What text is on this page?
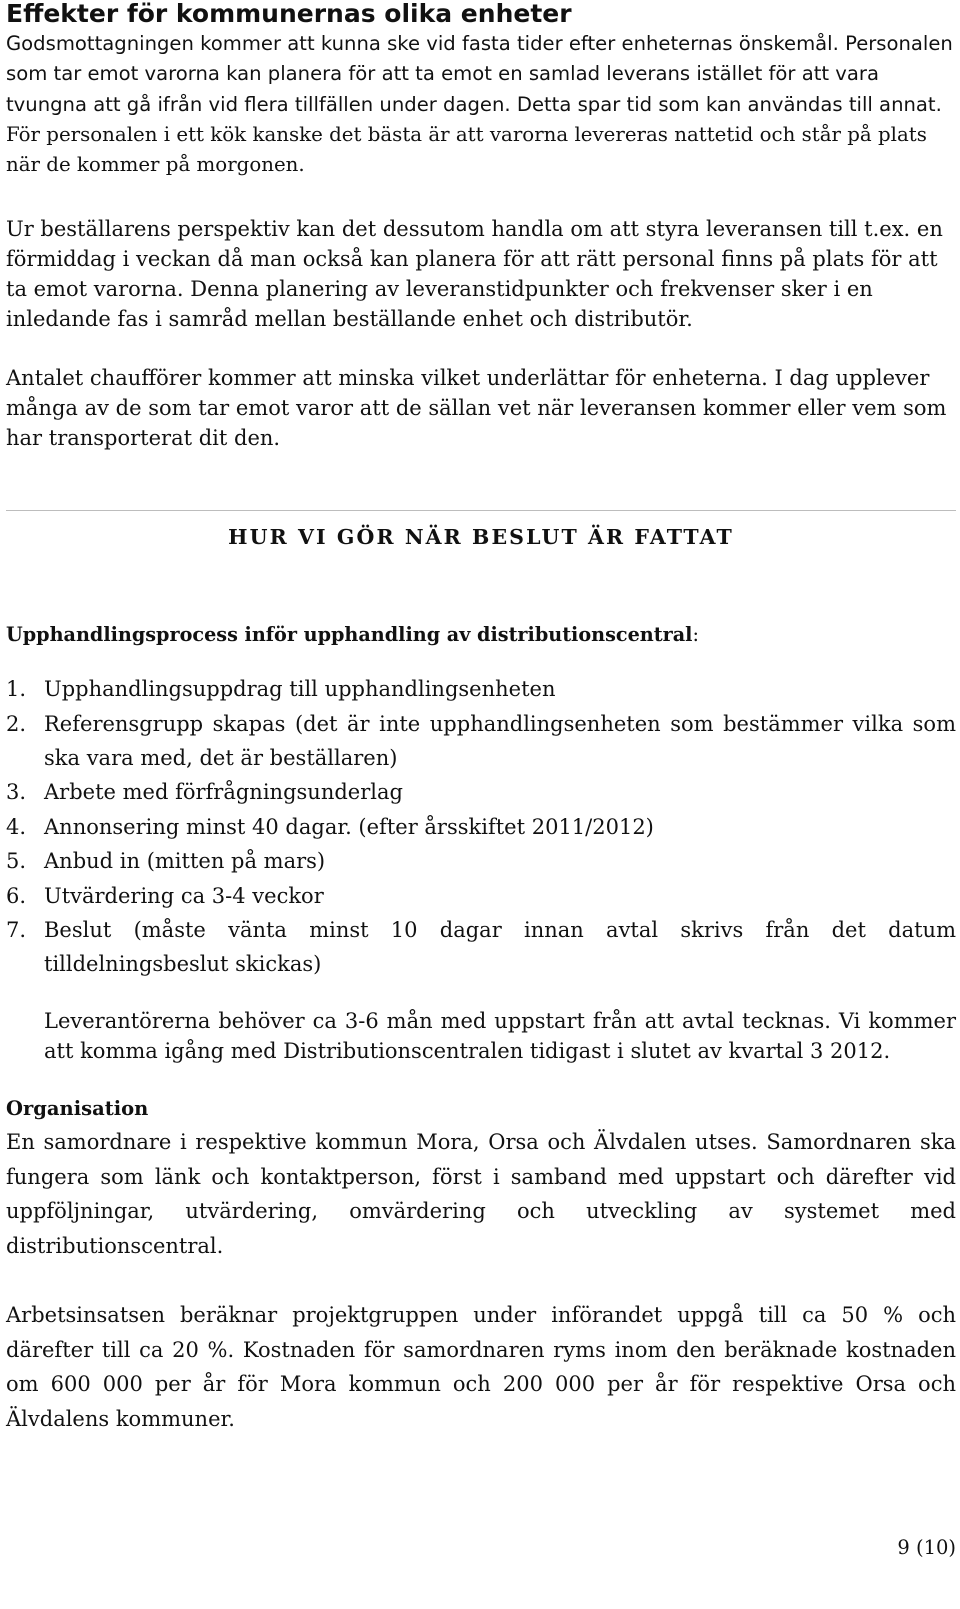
Effekter för kommunernas olika enheter

Godsmottagningen kommer att kunna ske vid fasta tider efter enheternas önskemål. Personalen som tar emot varorna kan planera för att ta emot en samlad leverans istället för att vara tvungna att gå ifrån vid flera tillfällen under dagen. Detta spar tid som kan användas till annat. För personalen i ett kök kanske det bästa är att varorna levereras nattetid och står på plats när de kommer på morgonen.

Ur beställarens perspektiv kan det dessutom handla om att styra leveransen till t.ex. en förmiddag i veckan då man också kan planera för att rätt personal finns på plats för att ta emot varorna. Denna planering av leveranstidpunkter och frekvenser sker i en inledande fas i samråd mellan beställande enhet och distributör.

Antalet chaufförer kommer att minska vilket underlättar för enheterna. I dag upplever många av de som tar emot varor att de sällan vet när leveransen kommer eller vem som har transporterat dit den.

HUR VI GÖR NÄR BESLUT ÄR FATTAT

Upphandlingsprocess inför upphandling av distributionscentral:

1. Upphandlingsuppdrag till upphandlingsenheten
2. Referensgrupp skapas (det är inte upphandlingsenheten som bestämmer vilka som ska vara med, det är beställaren)
3. Arbete med förfrågningsunderlag
4. Annonsering minst 40 dagar. (efter årsskiftet 2011/2012)
5. Anbud in (mitten på mars)
6. Utvärdering ca 3-4 veckor
7. Beslut (måste vänta minst 10 dagar innan avtal skrivs från det datum tilldelningsbeslut skickas)

Leverantörerna behöver ca 3-6 mån med uppstart från att avtal tecknas. Vi kommer att komma igång med Distributionscentralen tidigast i slutet av kvartal 3 2012.

Organisation

En samordnare i respektive kommun Mora, Orsa och Älvdalen utses. Samordnaren ska fungera som länk och kontaktperson, först i samband med uppstart och därefter vid uppföljningar, utvärdering, omvärdering och utveckling av systemet med distributionscentral.

Arbetsinsatsen beräknar projektgruppen under införandet uppgå till ca 50 % och därefter till ca 20 %. Kostnaden för samordnaren ryms inom den beräknade kostnaden om 600 000 per år för Mora kommun och 200 000 per år för respektive Orsa och Älvdalens kommuner.

9 (10)
